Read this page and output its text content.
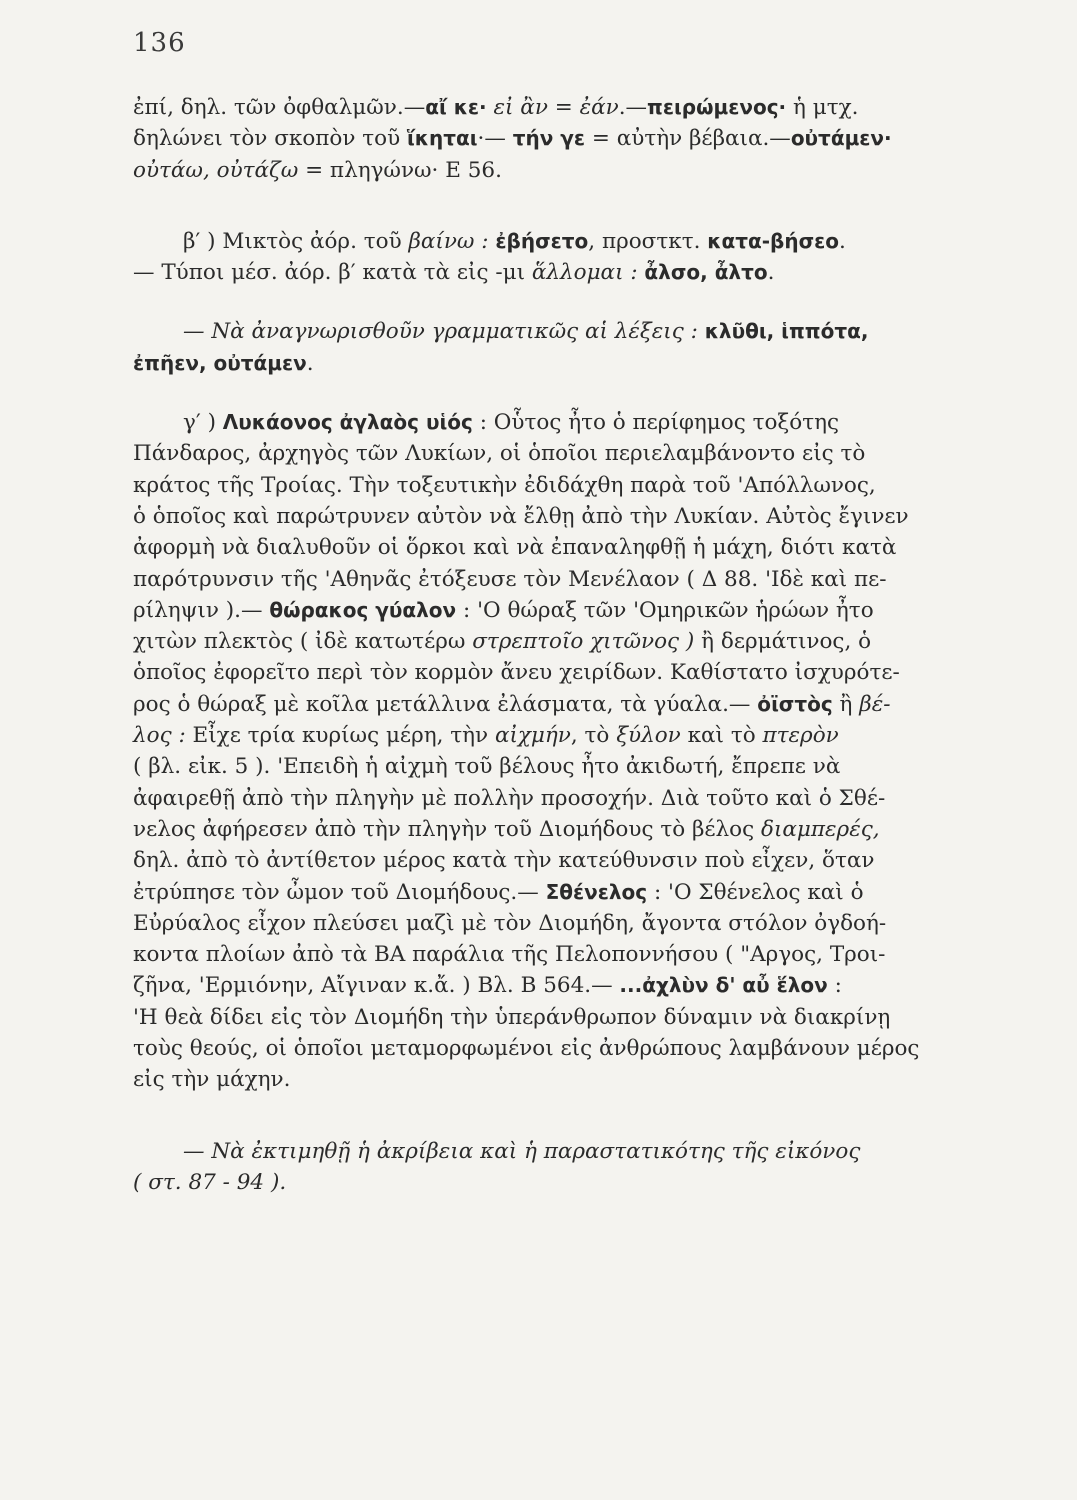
136
ἐπί, δηλ. τῶν ὀφθαλμῶν.—αἴ κε· εἰ ἂν = ἐάν.—πειρώμενος· ἡ μτχ.
δηλώνει τὸν σκοπὸν τοῦ ἵκηται·— τήν γε = αὐτὴν βέβαια.—οὐτάμεν·
οὐτάω, οὐτάζω = πληγώνω· Ε 56.
β′ ) Μικτὸς ἀόρ. τοῦ βαίνω : ἐβήσετο, προστκτ. κατα-βήσεο.
— Τύποι μέσ. ἀόρ. β′ κατὰ τὰ εἰς -μι ἅλλομαι : ἆλσο, ἆλτο.
— Νὰ ἀναγνωρισθοῦν γραμματικῶς αἱ λέξεις : κλῦθι, ἱππότα,
ἐπῆεν, οὐτάμεν.
γ′ ) Λυκάονος ἀγλαὸς υἱός : Οὗτος ἦτο ὁ περίφημος τοξότης
Πάνδαρος, ἀρχηγὸς τῶν Λυκίων, οἱ ὁποῖοι περιελαμβάνοντο εἰς τὸ
κράτος τῆς Τροίας. Τὴν τοξευτικὴν ἐδιδάχθη παρὰ τοῦ 'Απόλλωνος,
ὁ ὁποῖος καὶ παρώτρυνεν αὐτὸν νὰ ἔλθῃ ἀπὸ τὴν Λυκίαν. Αὐτὸς ἔγινεν
ἀφορμὴ νὰ διαλυθοῦν οἱ ὅρκοι καὶ νὰ ἐπαναληφθῇ ἡ μάχη, διότι κατὰ
παρότρυνσιν τῆς 'Αθηνᾶς ἐτόξευσε τὸν Μενέλαον ( Δ 88. 'Ιδὲ καὶ πε-
ρίληψιν ).— θώρακος γύαλον : 'Ο θώραξ τῶν 'Ομηρικῶν ἡρώων ἦτο
χιτὼν πλεκτὸς ( ἰδὲ κατωτέρω στρεπτοῖο χιτῶνος ) ἢ δερμάτινος, ὁ
ὁποῖος ἐφορεῖτο περὶ τὸν κορμὸν ἄνευ χειρίδων. Καθίστατο ἰσχυρότε-
ρος ὁ θώραξ μὲ κοῖλα μετάλλινα ἐλάσματα, τὰ γύαλα.— ὀϊστὸς ἢ βέ-
λος : Εἶχε τρία κυρίως μέρη, τὴν αἰχμήν, τὸ ξύλον καὶ τὸ πτερὸν
( βλ. εἰκ. 5 ). 'Επειδὴ ἡ αἰχμὴ τοῦ βέλους ἦτο ἀκιδωτή, ἔπρεπε νὰ
ἀφαιρεθῇ ἀπὸ τὴν πληγὴν μὲ πολλὴν προσοχήν. Διὰ τοῦτο καὶ ὁ Σθέ-
νελος ἀφήρεσεν ἀπὸ τὴν πληγὴν τοῦ Διομήδους τὸ βέλος διαμπερές,
δηλ. ἀπὸ τὸ ἀντίθετον μέρος κατὰ τὴν κατεύθυνσιν ποὺ εἶχεν, ὅταν
ἐτρύπησε τὸν ὦμον τοῦ Διομήδους.— Σθένελος : 'Ο Σθένελος καὶ ὁ
Εὐρύαλος εἶχον πλεύσει μαζὶ μὲ τὸν Διομήδη, ἄγοντα στόλον ὀγδοή-
κοντα πλοίων ἀπὸ τὰ ΒΑ παράλια τῆς Πελοποννήσου ( "Αργος, Τροι-
ζῆνα, 'Ερμιόνην, Αἴγιναν κ.ἄ. ) Βλ. Β 564.— ...ἀχλὺν δ' αὖ ἕλον :
'Η θεὰ δίδει εἰς τὸν Διομήδη τὴν ὑπεράνθρωπον δύναμιν νὰ διακρίνῃ
τοὺς θεούς, οἱ ὁποῖοι μεταμορφωμένοι εἰς ἀνθρώπους λαμβάνουν μέρος
εἰς τὴν μάχην.
— Νὰ ἐκτιμηθῇ ἡ ἀκρίβεια καὶ ἡ παραστατικότης τῆς εἰκόνος
( στ. 87 - 94 ).
